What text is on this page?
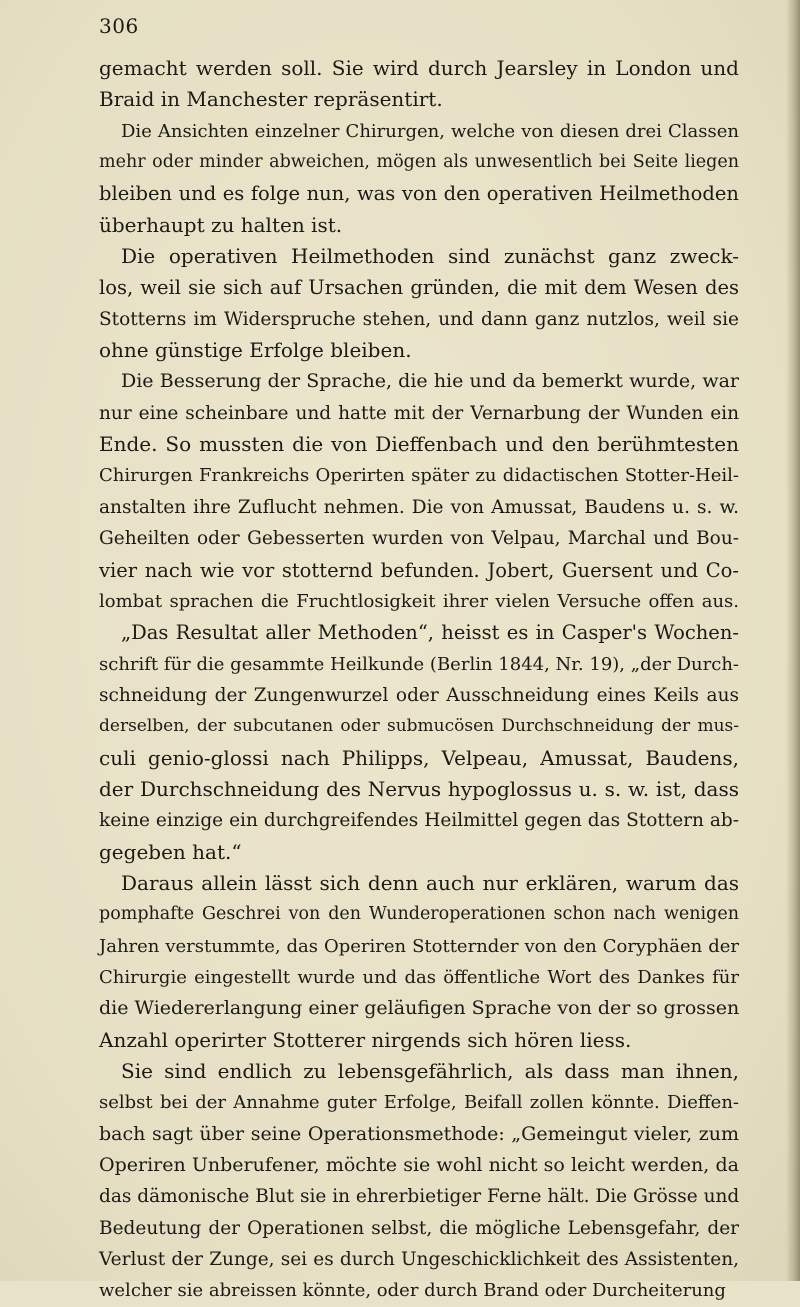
306
gemacht werden soll. Sie wird durch Jearsley in London und
Braid in Manchester repräsentirt.
Die Ansichten einzelner Chirurgen, welche von diesen drei Classen
mehr oder minder abweichen, mögen als unwesentlich bei Seite liegen
bleiben und es folge nun, was von den operativen Heilmethoden
überhaupt zu halten ist.
Die operativen Heilmethoden sind zunächst ganz zweck-
los, weil sie sich auf Ursachen gründen, die mit dem Wesen des
Stotterns im Widerspruche stehen, und dann ganz nutzlos, weil sie
ohne günstige Erfolge bleiben.
Die Besserung der Sprache, die hie und da bemerkt wurde, war
nur eine scheinbare und hatte mit der Vernarbung der Wunden ein
Ende. So mussten die von Dieffenbach und den berühmtesten
Chirurgen Frankreichs Operirten später zu didactischen Stotter-Heil-
anstalten ihre Zuflucht nehmen. Die von Amussat, Baudens u. s. w.
Geheilten oder Gebesserten wurden von Velpau, Marchal und Bou-
vier nach wie vor stotternd befunden. Jobert, Guersent und Co-
lombat sprachen die Fruchtlosigkeit ihrer vielen Versuche offen aus.
„Das Resultat aller Methoden“, heisst es in Casper's Wochen-
schrift für die gesammte Heilkunde (Berlin 1844, Nr. 19), „der Durch-
schneidung der Zungenwurzel oder Ausschneidung eines Keils aus
derselben, der subcutanen oder submucösen Durchschneidung der mus-
culi genio-glossi nach Philipps, Velpeau, Amussat, Baudens,
der Durchschneidung des Nervus hypoglossus u. s. w. ist, dass
keine einzige ein durchgreifendes Heilmittel gegen das Stottern ab-
gegeben hat.“
Daraus allein lässt sich denn auch nur erklären, warum das
pomphafte Geschrei von den Wunderoperationen schon nach wenigen
Jahren verstummte, das Operiren Stotternder von den Coryphäen der
Chirurgie eingestellt wurde und das öffentliche Wort des Dankes für
die Wiedererlangung einer geläufigen Sprache von der so grossen
Anzahl operirter Stotterer nirgends sich hören liess.
Sie sind endlich zu lebensgefährlich, als dass man ihnen,
selbst bei der Annahme guter Erfolge, Beifall zollen könnte. Dieffen-
bach sagt über seine Operationsmethode: „Gemeingut vieler, zum
Operiren Unberufener, möchte sie wohl nicht so leicht werden, da
das dämonische Blut sie in ehrerbietiger Ferne hält. Die Grösse und
Bedeutung der Operationen selbst, die mögliche Lebensgefahr, der
Verlust der Zunge, sei es durch Ungeschicklichkeit des Assistenten,
welcher sie abreissen könnte, oder durch Brand oder Durcheiterung
